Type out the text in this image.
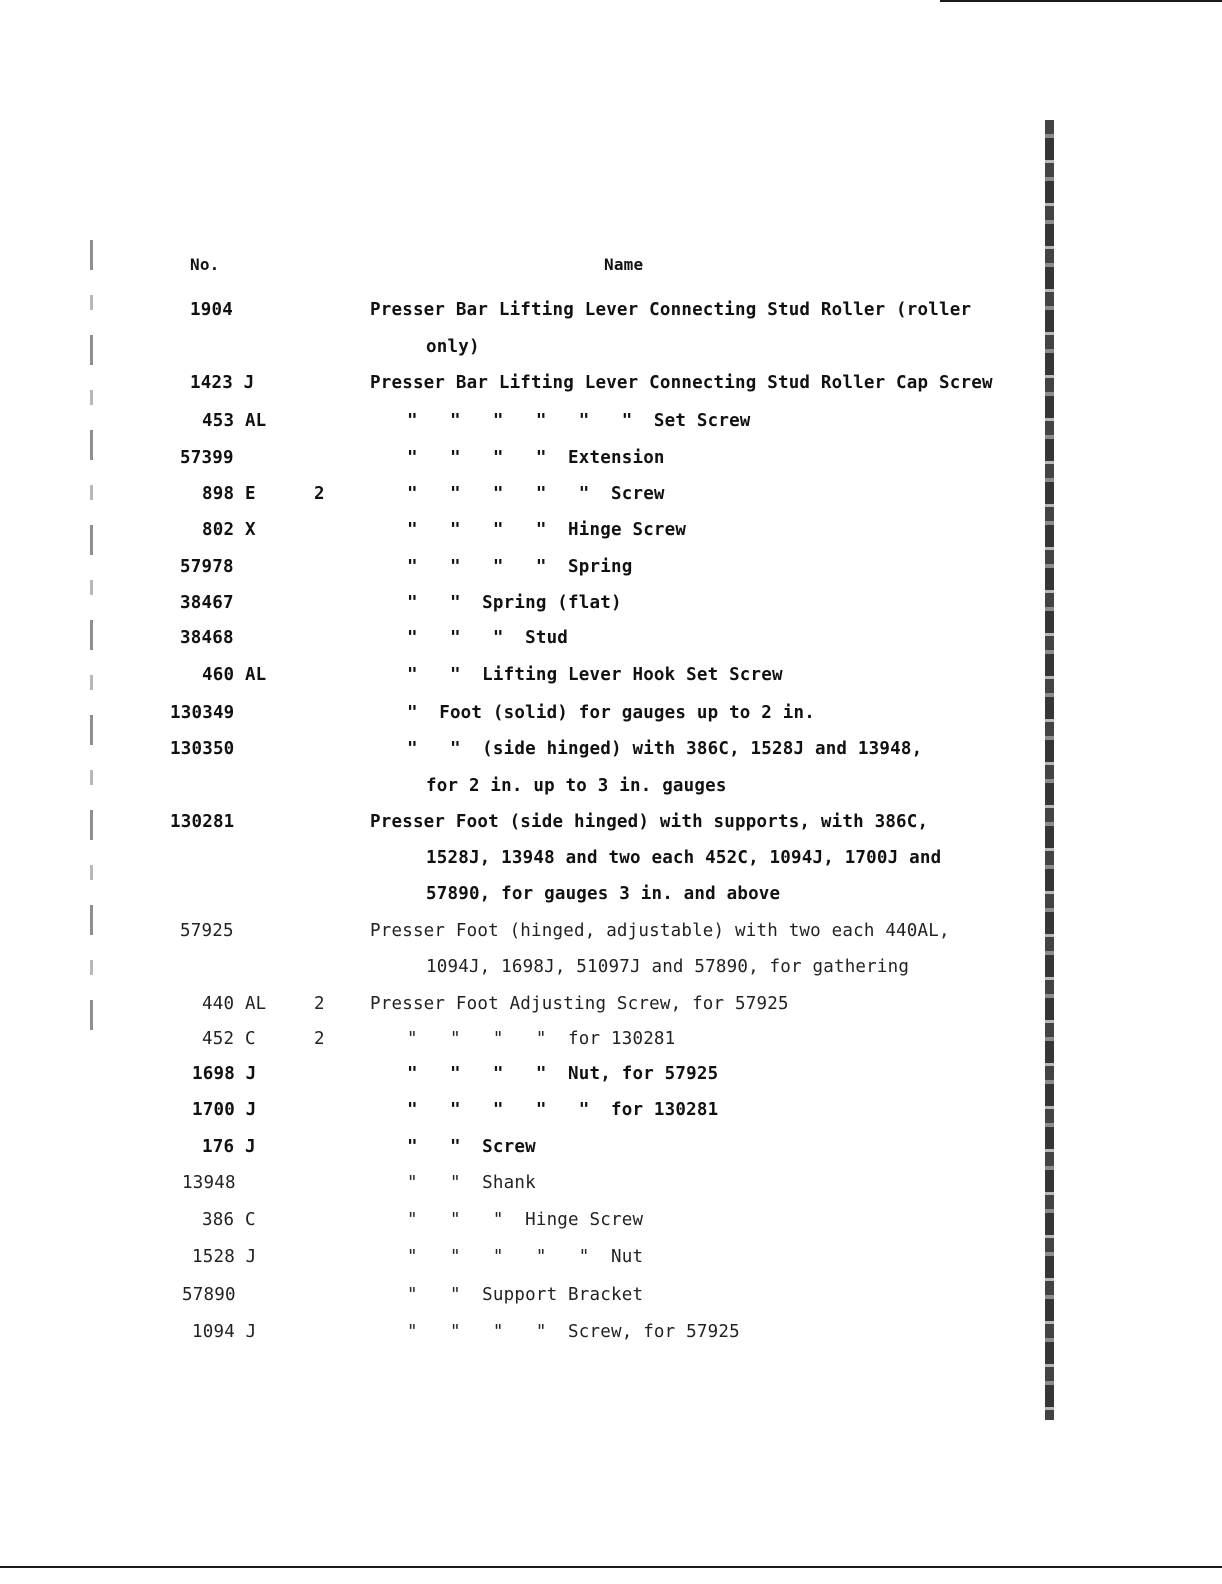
No.	Name
1904	Presser Bar Lifting Lever Connecting Stud Roller (roller
only)
1423 J	Presser Bar Lifting Lever Connecting Stud Roller Cap Screw
453 AL	"   "   "   "   "   "  Set Screw
57399	"   "   "   "  Extension
898 E	2	"   "   "   "   "  Screw
802 X	"   "   "   "  Hinge Screw
57978	"   "   "   "  Spring
38467	"   "  Spring (flat)
38468	"   "   "  Stud
460 AL	"   "  Lifting Lever Hook Set Screw
130349	"  Foot (solid) for gauges up to 2 in.
130350	"   "  (side hinged) with 386C, 1528J and 13948,
for 2 in. up to 3 in. gauges
130281	Presser Foot (side hinged) with supports, with 386C,
1528J, 13948 and two each 452C, 1094J, 1700J and
57890, for gauges 3 in. and above
57925	Presser Foot (hinged, adjustable) with two each 440AL,
1094J, 1698J, 51097J and 57890, for gathering
440 AL	2	Presser Foot Adjusting Screw, for 57925
452 C	2	"   "   "   "  for 130281
1698 J	"   "   "   "  Nut, for 57925
1700 J	"   "   "   "   "  for 130281
176 J	"   "  Screw
13948	"   "  Shank
386 C	"   "   "  Hinge Screw
1528 J	"   "   "   "   "  Nut
57890	"   "  Support Bracket
1094 J	"   "   "   "  Screw, for 57925
